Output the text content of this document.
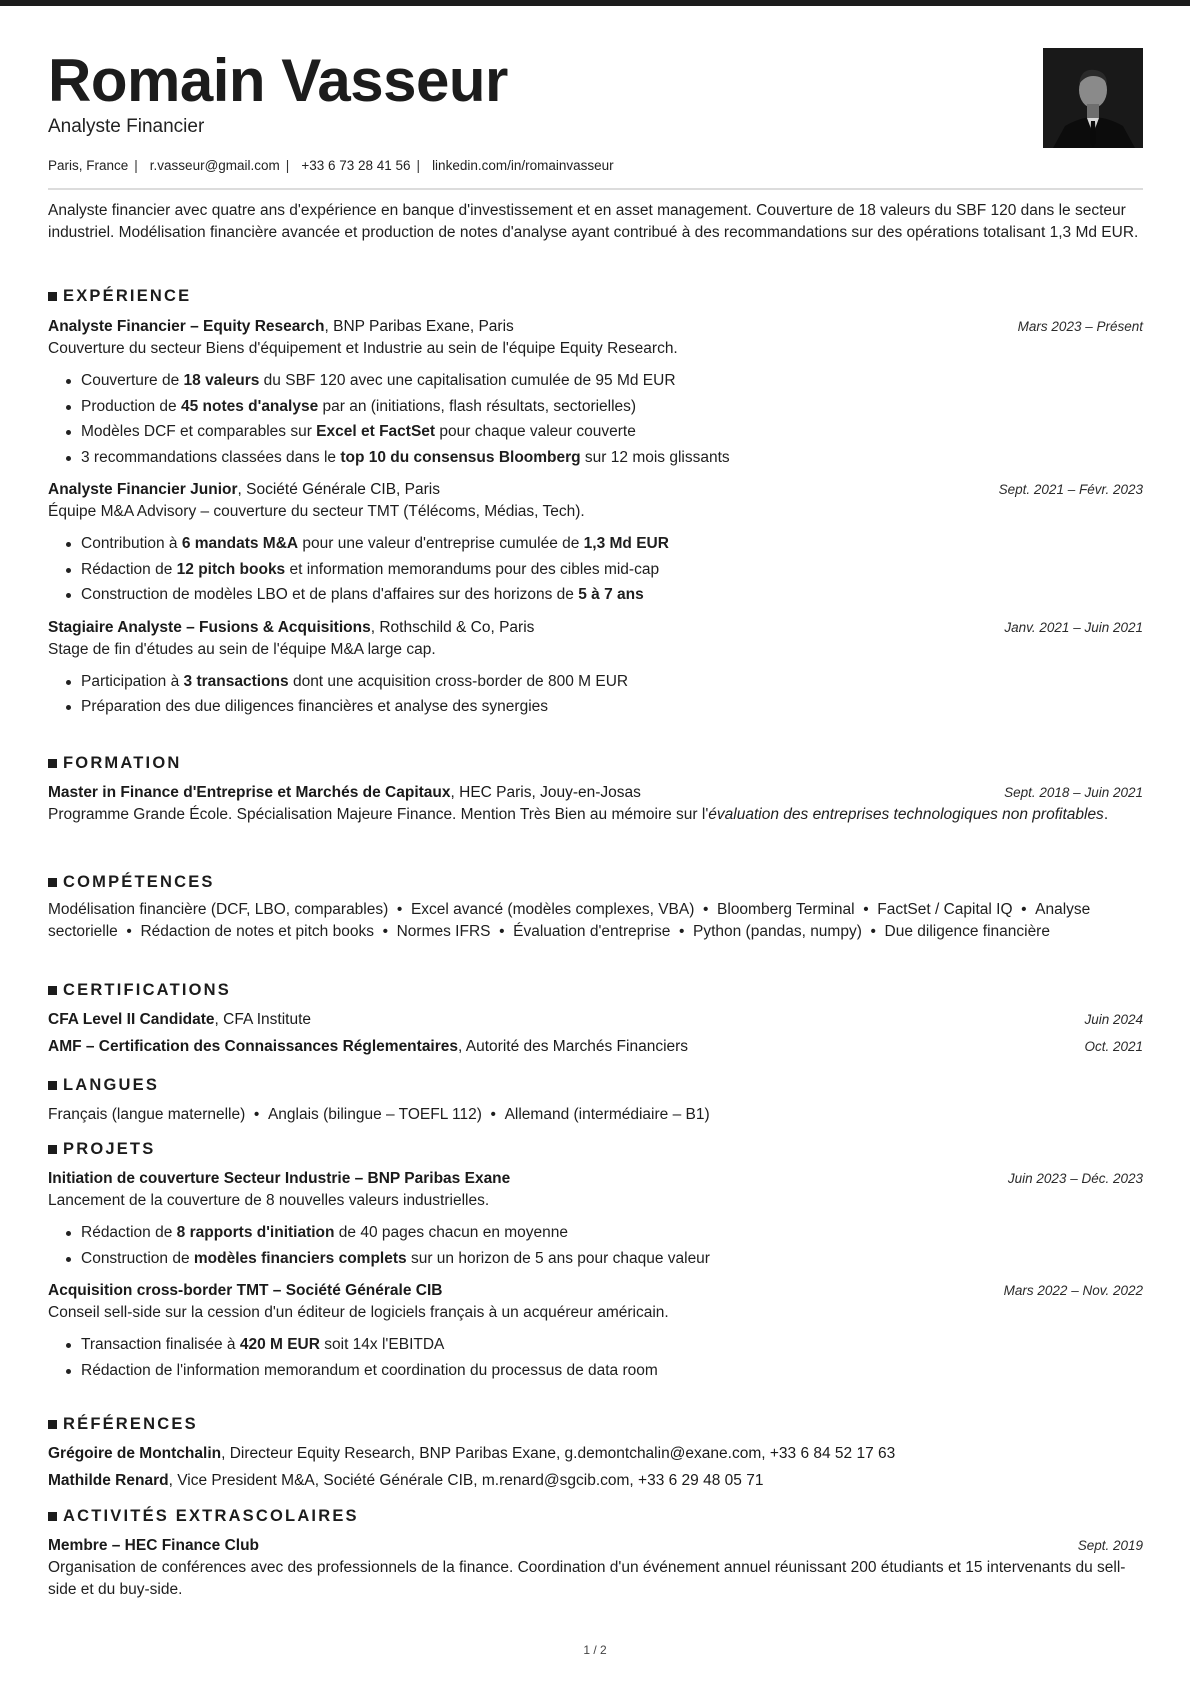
Romain Vasseur
Analyste Financier
Paris, France | r.vasseur@gmail.com | +33 6 73 28 41 56 | linkedin.com/in/romainvasseur
Analyste financier avec quatre ans d'expérience en banque d'investissement et en asset management. Couverture de 18 valeurs du SBF 120 dans le secteur industriel. Modélisation financière avancée et production de notes d'analyse ayant contribué à des recommandations sur des opérations totalisant 1,3 Md EUR.
EXPÉRIENCE
Analyste Financier – Equity Research, BNP Paribas Exane, Paris	Mars 2023 – Présent
Couverture du secteur Biens d'équipement et Industrie au sein de l'équipe Equity Research.
Couverture de 18 valeurs du SBF 120 avec une capitalisation cumulée de 95 Md EUR
Production de 45 notes d'analyse par an (initiations, flash résultats, sectorielles)
Modèles DCF et comparables sur Excel et FactSet pour chaque valeur couverte
3 recommandations classées dans le top 10 du consensus Bloomberg sur 12 mois glissants
Analyste Financier Junior, Société Générale CIB, Paris	Sept. 2021 – Févr. 2023
Équipe M&A Advisory – couverture du secteur TMT (Télécoms, Médias, Tech).
Contribution à 6 mandats M&A pour une valeur d'entreprise cumulée de 1,3 Md EUR
Rédaction de 12 pitch books et information memorandums pour des cibles mid-cap
Construction de modèles LBO et de plans d'affaires sur des horizons de 5 à 7 ans
Stagiaire Analyste – Fusions & Acquisitions, Rothschild & Co, Paris	Janv. 2021 – Juin 2021
Stage de fin d'études au sein de l'équipe M&A large cap.
Participation à 3 transactions dont une acquisition cross-border de 800 M EUR
Préparation des due diligences financières et analyse des synergies
FORMATION
Master in Finance d'Entreprise et Marchés de Capitaux, HEC Paris, Jouy-en-Josas	Sept. 2018 – Juin 2021
Programme Grande École. Spécialisation Majeure Finance. Mention Très Bien au mémoire sur l'évaluation des entreprises technologiques non profitables.
COMPÉTENCES
Modélisation financière (DCF, LBO, comparables)  •  Excel avancé (modèles complexes, VBA)  •  Bloomberg Terminal  •  FactSet / Capital IQ  •  Analyse sectorielle  •  Rédaction de notes et pitch books  •  Normes IFRS  •  Évaluation d'entreprise  •  Python (pandas, numpy)  •  Due diligence financière
CERTIFICATIONS
CFA Level II Candidate, CFA Institute	Juin 2024
AMF – Certification des Connaissances Réglementaires, Autorité des Marchés Financiers	Oct. 2021
LANGUES
Français (langue maternelle)  •  Anglais (bilingue – TOEFL 112)  •  Allemand (intermédiaire – B1)
PROJETS
Initiation de couverture Secteur Industrie – BNP Paribas Exane	Juin 2023 – Déc. 2023
Lancement de la couverture de 8 nouvelles valeurs industrielles.
Rédaction de 8 rapports d'initiation de 40 pages chacun en moyenne
Construction de modèles financiers complets sur un horizon de 5 ans pour chaque valeur
Acquisition cross-border TMT – Société Générale CIB	Mars 2022 – Nov. 2022
Conseil sell-side sur la cession d'un éditeur de logiciels français à un acquéreur américain.
Transaction finalisée à 420 M EUR soit 14x l'EBITDA
Rédaction de l'information memorandum et coordination du processus de data room
RÉFÉRENCES
Grégoire de Montchalin, Directeur Equity Research, BNP Paribas Exane, g.demontchalin@exane.com, +33 6 84 52 17 63
Mathilde Renard, Vice President M&A, Société Générale CIB, m.renard@sgcib.com, +33 6 29 48 05 71
ACTIVITÉS EXTRASCOLAIRES
Membre – HEC Finance Club	Sept. 2019
Organisation de conférences avec des professionnels de la finance. Coordination d'un événement annuel réunissant 200 étudiants et 15 intervenants du sell-side et du buy-side.
1 / 2
